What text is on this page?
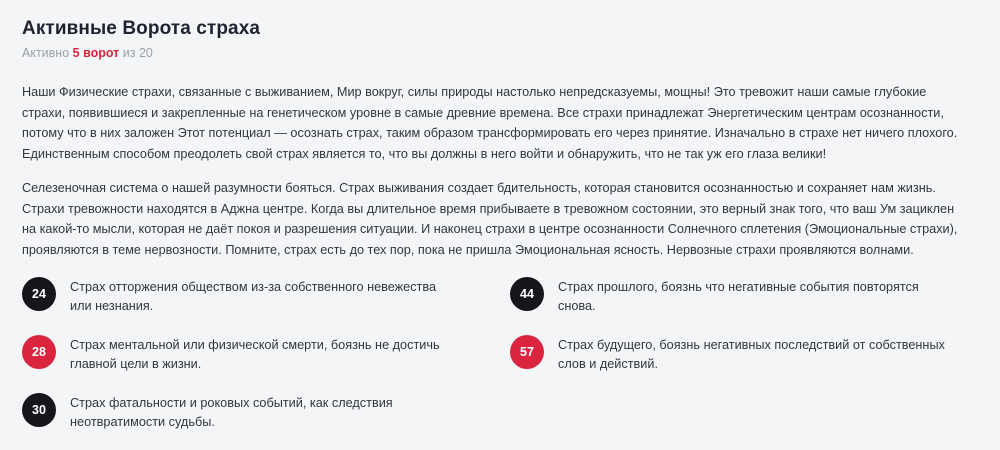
Активные Ворота страха
Активно 5 ворот из 20

Наши Физические страхи, связанные с выживанием, Мир вокруг, силы природы настолько непредсказуемы, мощны! Это тревожит наши самые глубокие страхи, появившиеся и закрепленные на генетическом уровне в самые древние времена. Все страхи принадлежат Энергетическим центрам осознанности, потому что в них заложен Этот потенциал — осознать страх, таким образом трансформировать его через принятие. Изначально в страхе нет ничего плохого. Единственным способом преодолеть свой страх является то, что вы должны в него войти и обнаружить, что не так уж его глаза велики!

Селезеночная система о нашей разумности бояться. Страх выживания создает бдительность, которая становится осознанностью и сохраняет нам жизнь. Страхи тревожности находятся в Аджна центре. Когда вы длительное время прибываете в тревожном состоянии, это верный знак того, что ваш Ум зациклен на какой-то мысли, которая не даёт покоя и разрешения ситуации. И наконец страхи в центре осознанности Солнечного сплетения (Эмоциональные страхи), проявляются в теме нервозности. Помните, страх есть до тех пор, пока не пришла Эмоциональная ясность. Нервозные страхи проявляются волнами.

24	Страх отторжения обществом из-за собственного невежества или незнания.
28	Страх ментальной или физической смерти, боязнь не достичь главной цели в жизни.
30	Страх фатальности и роковых событий, как следствия неотвратимости судьбы.
44	Страх прошлого, боязнь что негативные события повторятся снова.
57	Страх будущего, боязнь негативных последствий от собственных слов и действий.
